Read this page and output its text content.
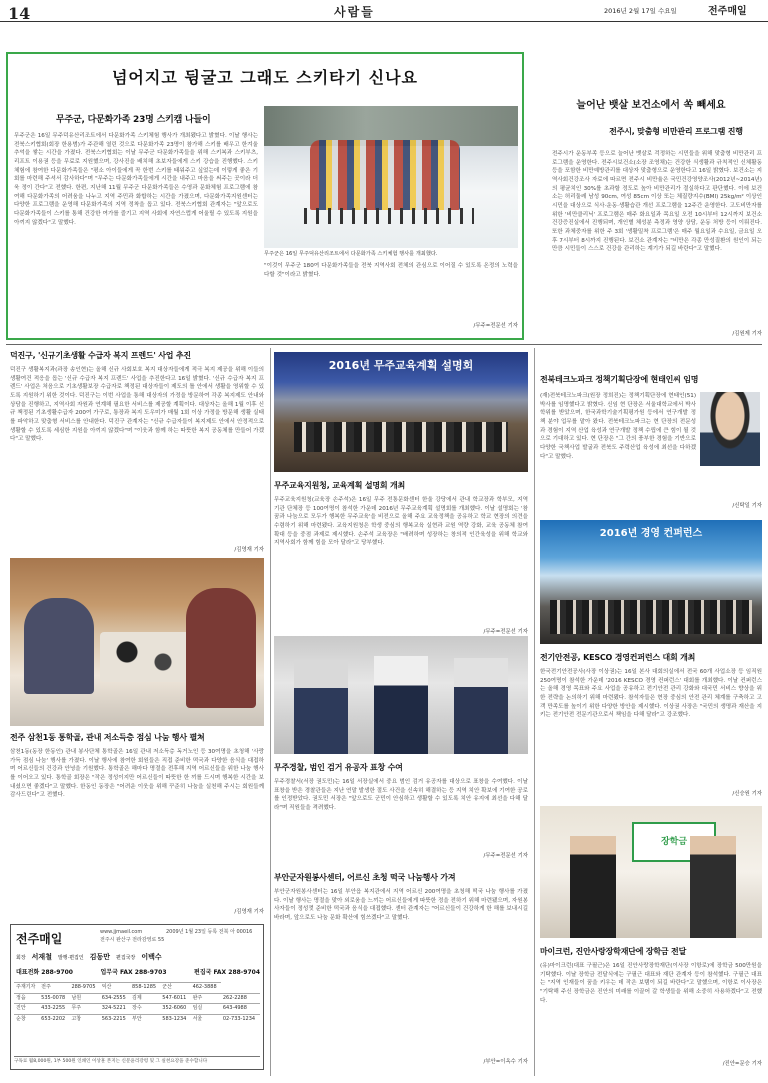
14	사람들	2016년 2월 17일 수요일	전주매일
넘어지고 뒹굴고 그래도 스키타기 신나요
무주군, 다문화가족 23명 스키캠 나들이
무주군은 16일 무주덕유산리조트에서 다문화가족 스키체험 행사가 개최됐다고 밝혔다. 이날 행사는 전북스키협회(회장 한용범)가 주관해 열린 것으로 다문화가족 23명이 참가해 스키를 배우고 한겨울 추억을 쌓는 시간을 가졌다. 전북스키협회는 이날 무주군 다문화가족들을 위해 스키복과 스키부츠, 리프트 이용권 등을 무료로 지원했으며, 강사진을 배치해 초보자들에게 스키 강습을 진행했다. 스키체험에 참여한 다문화가족들은 "평소 아이들에게 꼭 한번 스키를 태워주고 싶었는데 이렇게 좋은 기회를 마련해 주셔서 감사하다"며 "무주는 다문화가족들에게 시간을 내주고 마음을 써주는 곳이라 더욱 정이 간다"고 전했다. 한편, 지난해 11월 무주군 다문화가족들은 수영과 문화체험 프로그램에 참여해 다문화가족의 어려움을 나누고 지역 주민과 화합하는 시간을 가졌으며, 다문화가족지원센터는 다양한 프로그램을 운영해 다문화가족의 지역 정착을 돕고 있다. 전북스키협회 관계자는 "앞으로도 다문화가족들이 스키를 통해 건강한 여가를 즐기고 지역 사회에 자연스럽게 어울릴 수 있도록 지원을 아끼지 않겠다"고 말했다.
무주군은 16일 무주덕유산리조트에서 다문화가족 스키체험 행사를 개최했다.
"이것이 무주군 180여 다문화가족들을 전북 지역사회 전체의 관심으로 이어질 수 있도록 온정의 노력을 다할 것"이라고 밝혔다.
/무주=전문선 기자
늘어난 뱃살 보건소에서 쏙 빼세요
전주시, 맞춤형 비만관리 프로그램 진행
전주시가 운동부족 등으로 늘어난 뱃살로 걱정하는 시민들을 위해 맞춤형 비만관리 프로그램을 운영한다. 전주시보건소(소장 조영채)는 건강한 식생활과 규칙적인 신체활동 등을 포함한 비만예방관리를 대상자 맞춤형으로 운영한다고 16일 밝혔다. 보건소는 지역사회건강조사 자료에 따르면 전주시 비만율은 국민건강영양조사(2012년~2014년)의 평균치인 30%를 초과할 정도로 높아 비만관리가 절실하다고 판단했다. 이에 보건소는 허리둘레 남성 90cm, 여성 85cm 이상 또는 체질량지수(BMI) 25kg/m² 이상인 시민을 대상으로 식사·운동·생활습관 개선 프로그램을 12주간 운영한다. 고도비만자를 위한 '비만클리닉' 프로그램은 매주 화요일과 목요일 오전 10시부터 12시까지 보건소 건강증진실에서 진행되며, 개인별 체성분 측정과 영양 상담, 운동 처방 등이 이뤄진다. 또한 과체중자를 위한 주 3회 '생활밀착 프로그램'은 매주 월요일과 수요일, 금요일 오후 7시부터 8시까지 진행된다. 보건소 관계자는 "비만은 각종 만성질환의 원인이 되는 만큼 시민들이 스스로 건강을 관리하는 계기가 되길 바란다"고 말했다.
/김원제 기자
덕진구, '신규기초생활 수급자 복지 프렌드' 사업 추진
덕진구 생활복지과(과장 송인현)는 올해 신규 사회보호 복지 대상자들에게 적극 복지 제공을 위해 이들의 생활여건 적응을 돕는 '신규 수급자 복지 프렌드' 사업을 추진한다고 16일 밝혔다. '신규 수급자 복지 프렌드' 사업은 처음으로 기초생활보장 수급자로 책정된 대상자들이 제도의 틀 안에서 생활을 영위할 수 있도록 지원하기 위한 것이다. 덕진구는 이번 사업을 통해 대상자의 가정을 방문하여 각종 복지제도 안내와 상담을 진행하고, 지역사회 자원과 연계해 필요한 서비스를 제공할 계획이다. 대상자는 올해 1월 이후 신규 책정된 기초생활수급자 200여 가구로, 통장과 복지 도우미가 매월 1회 이상 가정을 방문해 생활 실태를 파악하고 맞춤형 서비스를 안내한다. 덕진구 관계자는 "신규 수급자들이 복지제도 안에서 안정적으로 생활할 수 있도록 세심한 지원을 아끼지 않겠다"며 "이웃과 함께 하는 따뜻한 복지 공동체를 만들어 가겠다"고 말했다.
/김영재 기자
전주 삼천1동 통학골, 관내 저소득층 점심 나눔 행사 펼쳐
삼천1동(동장 한동인) 관내 봉사단체 통학골은 16일 관내 저소득층 독거노인 등 30여명을 초청해 '사랑 가득 점심 나눔' 행사를 가졌다. 이날 행사에 참여한 회원들은 직접 준비한 떡국과 다양한 음식을 대접하며 어르신들의 건강과 안녕을 기원했다. 통학골은 해마다 명절을 전후해 지역 어르신들을 위한 나눔 행사를 이어오고 있다. 통학골 회장은 "작은 정성이지만 어르신들이 따뜻한 한 끼를 드시며 행복한 시간을 보내셨으면 좋겠다"고 말했다. 한동인 동장은 "어려운 이웃을 위해 꾸준히 나눔을 실천해 주시는 회원들께 감사드린다"고 전했다.
/김영재 기자
전주매일	www.jjmaeil.com
전주시 완산구 전라감영로 55
2009년 1월 23일 등록 전북 아 00016
회장 서재철 발행·편집인 김동만 편집국장 이백수
대표전화 288-9700	업무국 FAX 288-9703	편집국 FAX 288-9704
주재기자	전주	288-9705	익산	858-1285	군산	462-3888	
정읍	535-0078	남원	634-2555	김제	547-6011	완주	262-2288
진안	433-2255	무주	324-5221	장수	352-6060	임실	643-4988
순창	653-2202	고창	563-2215	부안	583-1234	서울	02-733-1234
구독료 월8,000원, 1부 500원 인쇄인 이상훈 본지는 신문윤리강령 및 그 실천요강을 준수합니다
2016년 무주교육계획 설명회
무주교육지원청, 교육계획 설명회 개최
무주교육지원청(교육장 손주석)은 16일 무주 전통문화센터 한울 강당에서 관내 학교장과 학부모, 지역 기관 단체장 등 100여명이 참석한 가운데 2016년 무주교육계획 설명회를 개최했다. 이날 설명회는 '참꿈과 나눔으로 모두가 행복한 무주교육'을 비전으로 올해 주요 교육정책을 공유하고 학교 현장의 의견을 수렴하기 위해 마련됐다. 교육지원청은 학생 중심의 행복교육 실현과 교원 역량 강화, 교육 공동체 참여 확대 등을 중점 과제로 제시했다. 손주석 교육장은 "배려하며 성장하는 창의적 인간육성을 위해 학교와 지역사회가 함께 힘을 모아 달라"고 당부했다.
/무주=전문선 기자
무주경찰, 범인 검거 유공자 표창 수여
무주경찰서(서장 권도민)는 16일 서장실에서 중요 범인 검거 유공자를 대상으로 표창을 수여했다. 이날 표창을 받은 경찰관들은 지난 연말 발생한 절도 사건을 신속히 해결하는 등 지역 치안 확보에 기여한 공로를 인정받았다. 권도민 서장은 "앞으로도 군민이 안심하고 생활할 수 있도록 치안 유지에 최선을 다해 달라"며 직원들을 격려했다.
/무주=전문선 기자
부안군자원봉사센터, 어르신 초청 떡국 나눔행사 가져
부안군자원봉사센터는 16일 부안읍 복지관에서 지역 어르신 200여명을 초청해 떡국 나눔 행사를 가졌다. 이날 행사는 명절을 맞아 외로움을 느끼는 어르신들에게 따뜻한 정을 전하기 위해 마련됐으며, 자원봉사자들이 정성껏 준비한 떡국과 음식을 대접했다. 센터 관계자는 "어르신들이 건강하게 한 해를 보내시길 바라며, 앞으로도 나눔 문화 확산에 힘쓰겠다"고 말했다.
/부안=이옥수 기자
전북테크노파크 정책기획단장에 현태인씨 임명
(재)전북테크노파크(원장 정희진)는 정책기획단장에 현태인(51) 박사를 임명했다고 밝혔다. 신임 현 단장은 서울대학교에서 박사학위를 받았으며, 한국과학기술기획평가원 등에서 연구개발 정책 분야 업무를 맡아 왔다. 전북테크노파크는 현 단장의 전문성과 경험이 지역 산업 육성과 연구개발 정책 수립에 큰 힘이 될 것으로 기대하고 있다. 현 단장은 "그 간의 풍부한 경험을 기반으로 다양한 국책사업 발굴과 전북도 주력산업 육성에 최선을 다하겠다"고 말했다.
/신탁일 기자
2016년 경영 컨퍼런스
전기안전공, KESCO 경영컨퍼런스 대회 개최
한국전기안전공사(사장 이상권)는 16일 본사 대회의실에서 전국 60개 사업소장 등 임직원 250여명이 참석한 가운데 '2016 KESCO 경영 컨퍼런스' 대회를 개최했다. 이날 컨퍼런스는 올해 경영 목표와 주요 사업을 공유하고 전기안전 관리 강화와 대국민 서비스 향상을 위한 전략을 논의하기 위해 마련됐다. 참석자들은 현장 중심의 안전 관리 체계를 구축하고 고객 만족도를 높이기 위한 다양한 방안을 제시했다. 이상권 사장은 "국민의 생명과 재산을 지키는 전기안전 전문기관으로서 책임을 다해 달라"고 강조했다.
/신승원 기자
장학금
마이크런, 진안사랑장학재단에 장학금 전달
(유)마이크런(대표 구필근)은 16일 진안사랑장학재단(이사장 이항로)에 장학금 500만원을 기탁했다. 이날 장학금 전달식에는 구필근 대표와 재단 관계자 등이 참석했다. 구필근 대표는 "지역 인재들이 꿈을 키우는 데 작은 보탬이 되길 바란다"고 말했으며, 이항로 이사장은 "기탁해 주신 장학금은 진안의 미래를 이끌어 갈 학생들을 위해 소중히 사용하겠다"고 전했다.
/진안=문승 기자
